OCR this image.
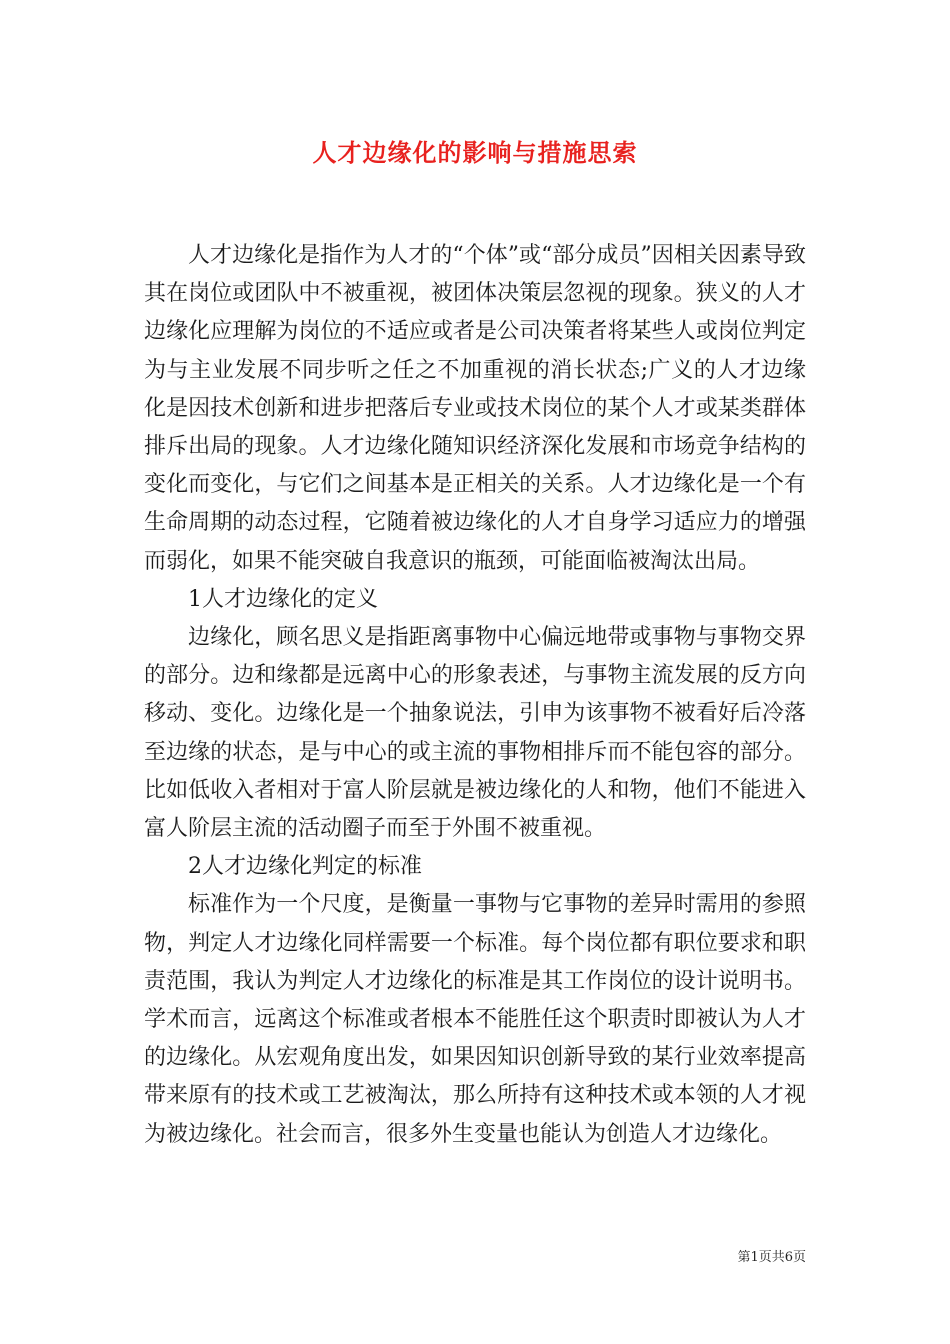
人才边缘化的影响与措施思索

人才边缘化是指作为人才的“个体”或“部分成员”因相关因素导致其在岗位或团队中不被重视，被团体决策层忽视的现象。狭义的人才边缘化应理解为岗位的不适应或者是公司决策者将某些人或岗位判定为与主业发展不同步听之任之不加重视的消长状态;广义的人才边缘化是因技术创新和进步把落后专业或技术岗位的某个人才或某类群体排斥出局的现象。人才边缘化随知识经济深化发展和市场竞争结构的变化而变化，与它们之间基本是正相关的关系。人才边缘化是一个有生命周期的动态过程，它随着被边缘化的人才自身学习适应力的增强而弱化，如果不能突破自我意识的瓶颈，可能面临被淘汰出局。

1人才边缘化的定义

边缘化，顾名思义是指距离事物中心偏远地带或事物与事物交界的部分。边和缘都是远离中心的形象表述，与事物主流发展的反方向移动、变化。边缘化是一个抽象说法，引申为该事物不被看好后冷落至边缘的状态，是与中心的或主流的事物相排斥而不能包容的部分。比如低收入者相对于富人阶层就是被边缘化的人和物，他们不能进入富人阶层主流的活动圈子而至于外围不被重视。

2人才边缘化判定的标准

标准作为一个尺度，是衡量一事物与它事物的差异时需用的参照物，判定人才边缘化同样需要一个标准。每个岗位都有职位要求和职责范围，我认为判定人才边缘化的标准是其工作岗位的设计说明书。学术而言，远离这个标准或者根本不能胜任这个职责时即被认为人才的边缘化。从宏观角度出发，如果因知识创新导致的某行业效率提高带来原有的技术或工艺被淘汰，那么所持有这种技术或本领的人才视为被边缘化。社会而言，很多外生变量也能认为创造人才边缘化。

第1页共6页
